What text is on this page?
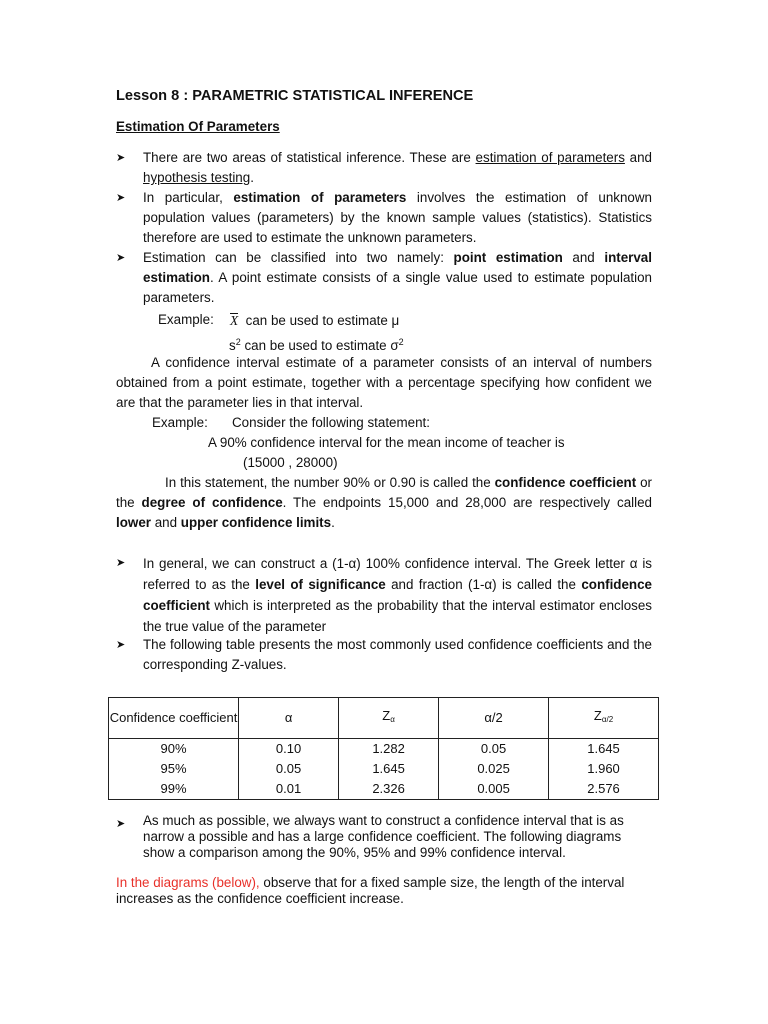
Lesson 8 : PARAMETRIC STATISTICAL INFERENCE
Estimation Of Parameters
➤	There are two areas of statistical inference. These are estimation of parameters and hypothesis testing.
➤	In particular, estimation of parameters involves the estimation of unknown population values (parameters) by the known sample values (statistics). Statistics therefore are used to estimate the unknown parameters.
➤	Estimation can be classified into two namely: point estimation and interval estimation. A point estimate consists of a single value used to estimate population parameters.
Example: X can be used to estimate μ
$s^2$ can be used to estimate $\sigma^2$
A confidence interval estimate of a parameter consists of an interval of numbers obtained from a point estimate, together with a percentage specifying how confident we are that the parameter lies in that interval.
Example: Consider the following statement:
A 90% confidence interval for the mean income of teacher is
(15000 , 28000)
In this statement, the number 90% or 0.90 is called the confidence coefficient or the degree of confidence. The endpoints 15,000 and 28,000 are respectively called lower and upper confidence limits.
➤	In general, we can construct a (1-α) 100% confidence interval. The Greek letter α is referred to as the level of significance and fraction (1-α) is called the confidence coefficient which is interpreted as the probability that the interval estimator encloses the true value of the parameter
➤	The following table presents the most commonly used confidence coefficients and the corresponding Z-values.
Confidence coefficient	α	$Z_\alpha$	α/2	$Z_{\alpha/2}$
90%	0.10	1.282	0.05	1.645
95%	0.05	1.645	0.025	1.960
99%	0.01	2.326	0.005	2.576
➤	As much as possible, we always want to construct a confidence interval that is as narrow a possible and has a large confidence coefficient. The following diagrams show a comparison among the 90%, 95% and 99% confidence interval.
In the diagrams (below), observe that for a fixed sample size, the length of the interval increases as the confidence coefficient increase.
